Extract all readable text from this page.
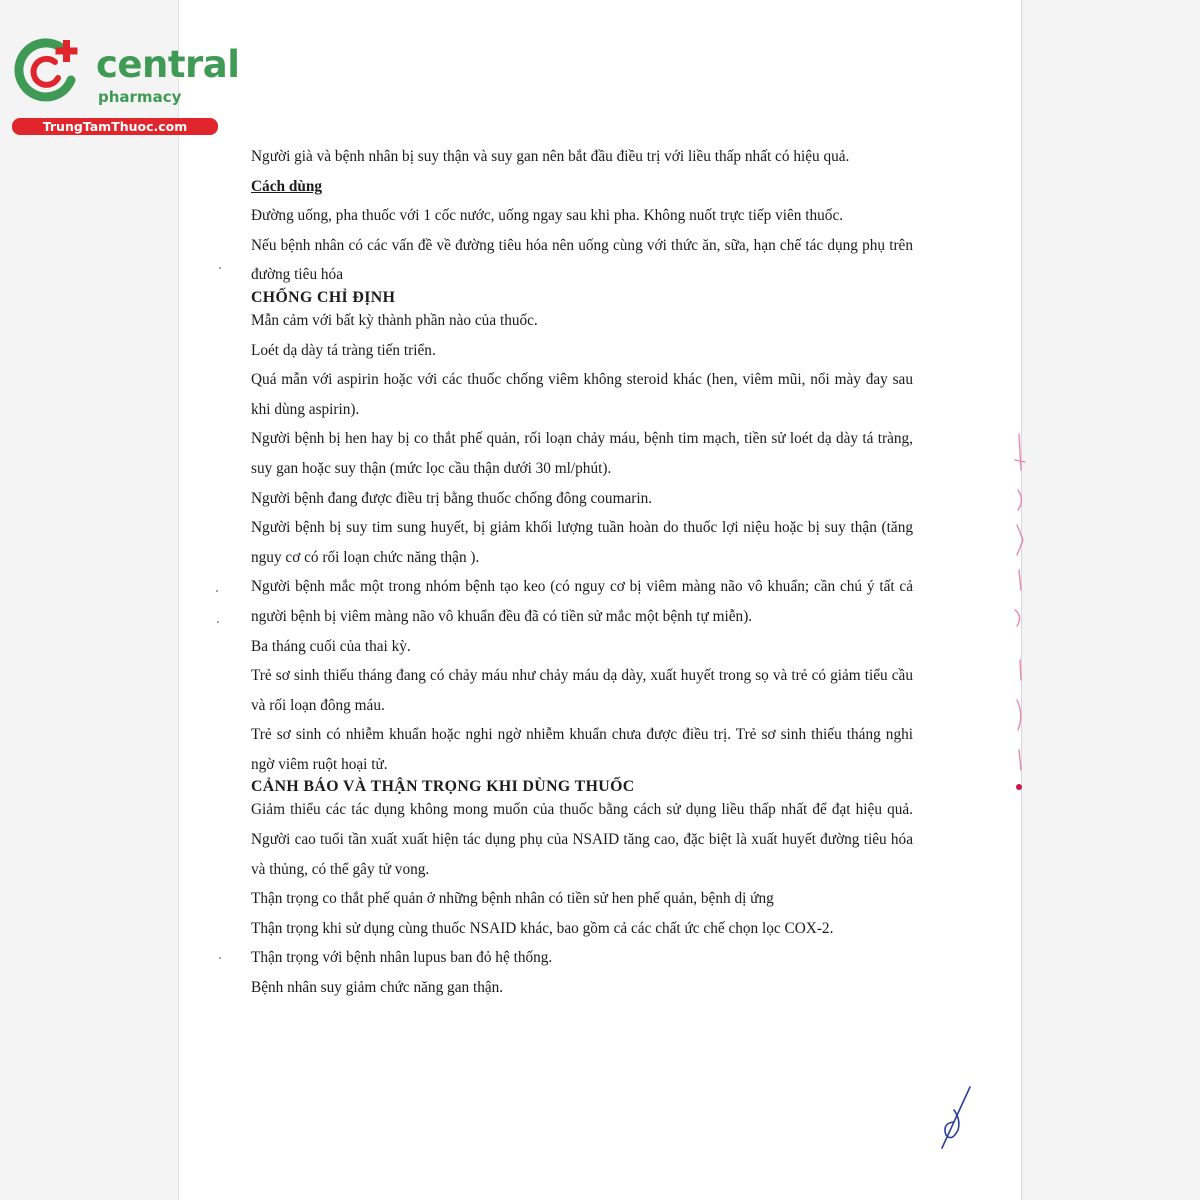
central
pharmacy
TrungTamThuoc.com

Người già và bệnh nhân bị suy thận và suy gan nên bắt đầu điều trị với liều thấp nhất có hiệu quả.

Cách dùng

Đường uống, pha thuốc với 1 cốc nước, uống ngay sau khi pha. Không nuốt trực tiếp viên thuốc.

Nếu bệnh nhân có các vấn đề về đường tiêu hóa nên uống cùng với thức ăn, sữa, hạn chế tác dụng phụ trên đường tiêu hóa

CHỐNG CHỈ ĐỊNH

Mẫn cảm với bất kỳ thành phần nào của thuốc.

Loét dạ dày tá tràng tiến triển.

Quá mẫn với aspirin hoặc với các thuốc chống viêm không steroid khác (hen, viêm mũi, nổi mày đay sau khi dùng aspirin).

Người bệnh bị hen hay bị co thắt phế quản, rối loạn chảy máu, bệnh tim mạch, tiền sử loét dạ dày tá tràng, suy gan hoặc suy thận (mức lọc cầu thận dưới 30 ml/phút).

Người bệnh đang được điều trị bằng thuốc chống đông coumarin.

Người bệnh bị suy tim sung huyết, bị giảm khối lượng tuần hoàn do thuốc lợi niệu hoặc bị suy thận (tăng nguy cơ có rối loạn chức năng thận ).

Người bệnh mắc một trong nhóm bệnh tạo keo (có nguy cơ bị viêm màng não vô khuẩn; cần chú ý tất cả người bệnh bị viêm màng não vô khuẩn đều đã có tiền sử mắc một bệnh tự miễn).

Ba tháng cuối của thai kỳ.

Trẻ sơ sinh thiếu tháng đang có chảy máu như chảy máu dạ dày, xuất huyết trong sọ và trẻ có giảm tiểu cầu và rối loạn đông máu.

Trẻ sơ sinh có nhiễm khuẩn hoặc nghi ngờ nhiễm khuẩn chưa được điều trị. Trẻ sơ sinh thiếu tháng nghi ngờ viêm ruột hoại tử.

CẢNH BÁO VÀ THẬN TRỌNG KHI DÙNG THUỐC

Giảm thiểu các tác dụng không mong muốn của thuốc bằng cách sử dụng liều thấp nhất để đạt hiệu quả. Người cao tuổi tần xuất xuất hiện tác dụng phụ của NSAID tăng cao, đặc biệt là xuất huyết đường tiêu hóa và thủng, có thể gây tử vong.

Thận trọng co thắt phế quản ở những bệnh nhân có tiền sử hen phế quản, bệnh dị ứng

Thận trọng khi sử dụng cùng thuốc NSAID khác, bao gồm cả các chất ức chế chọn lọc COX-2.

Thận trọng với bệnh nhân lupus ban đỏ hệ thống.

Bệnh nhân suy giảm chức năng gan thận.
